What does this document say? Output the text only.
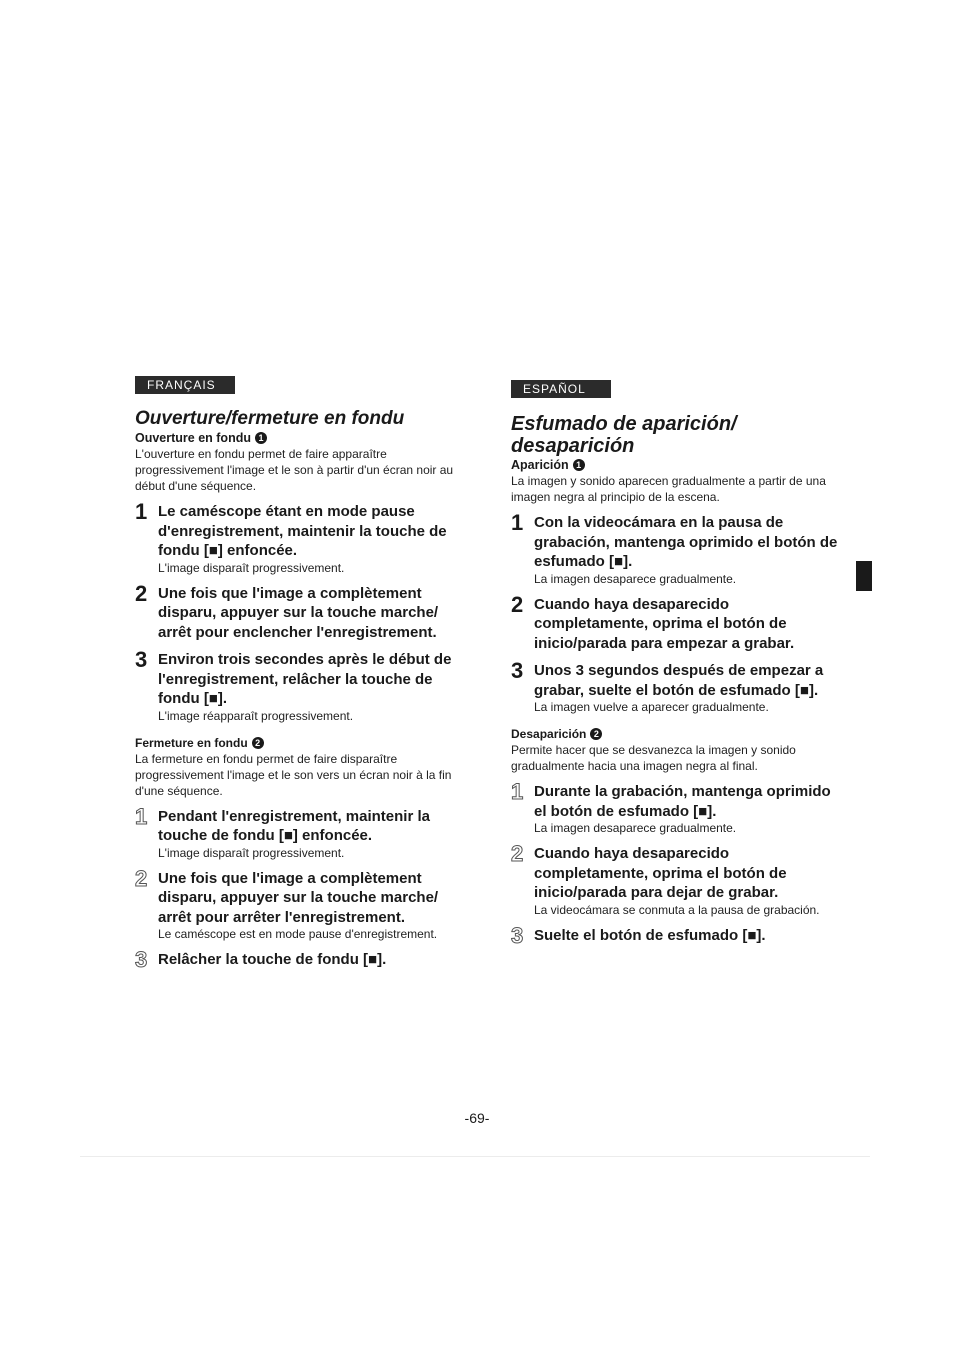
FRANÇAIS
Ouverture/fermeture en fondu
Ouverture en fondu 1
L'ouverture en fondu permet de faire apparaître progressivement l'image et le son à partir d'un écran noir au début d'une séquence.
1 Le caméscope étant en mode pause d'enregistrement, maintenir la touche de fondu [■] enfoncée.
L'image disparaît progressivement.
2 Une fois que l'image a complètement disparu, appuyer sur la touche marche/ arrêt pour enclencher l'enregistrement.
3 Environ trois secondes après le début de l'enregistrement, relâcher la touche de fondu [■].
L'image réapparaît progressivement.
Fermeture en fondu 2
La fermeture en fondu permet de faire disparaître progressivement l'image et le son vers un écran noir à la fin d'une séquence.
1 Pendant l'enregistrement, maintenir la touche de fondu [■] enfoncée.
L'image disparaît progressivement.
2 Une fois que l'image a complètement disparu, appuyer sur la touche marche/ arrêt pour arrêter l'enregistrement.
Le caméscope est en mode pause d'enregistrement.
3 Relâcher la touche de fondu [■].
ESPAÑOL
Esfumado de aparición/ desaparición
Aparición 1
La imagen y sonido aparecen gradualmente a partir de una imagen negra al principio de la escena.
1 Con la videocámara en la pausa de grabación, mantenga oprimido el botón de esfumado [■].
La imagen desaparece gradualmente.
2 Cuando haya desaparecido completamente, oprima el botón de inicio/parada para empezar a grabar.
3 Unos 3 segundos después de empezar a grabar, suelte el botón de esfumado [■].
La imagen vuelve a aparecer gradualmente.
Desaparición 2
Permite hacer que se desvanezca la imagen y sonido gradualmente hacia una imagen negra al final.
1 Durante la grabación, mantenga oprimido el botón de esfumado [■].
La imagen desaparece gradualmente.
2 Cuando haya desaparecido completamente, oprima el botón de inicio/parada para dejar de grabar.
La videocámara se conmuta a la pausa de grabación.
3 Suelte el botón de esfumado [■].
-69-
